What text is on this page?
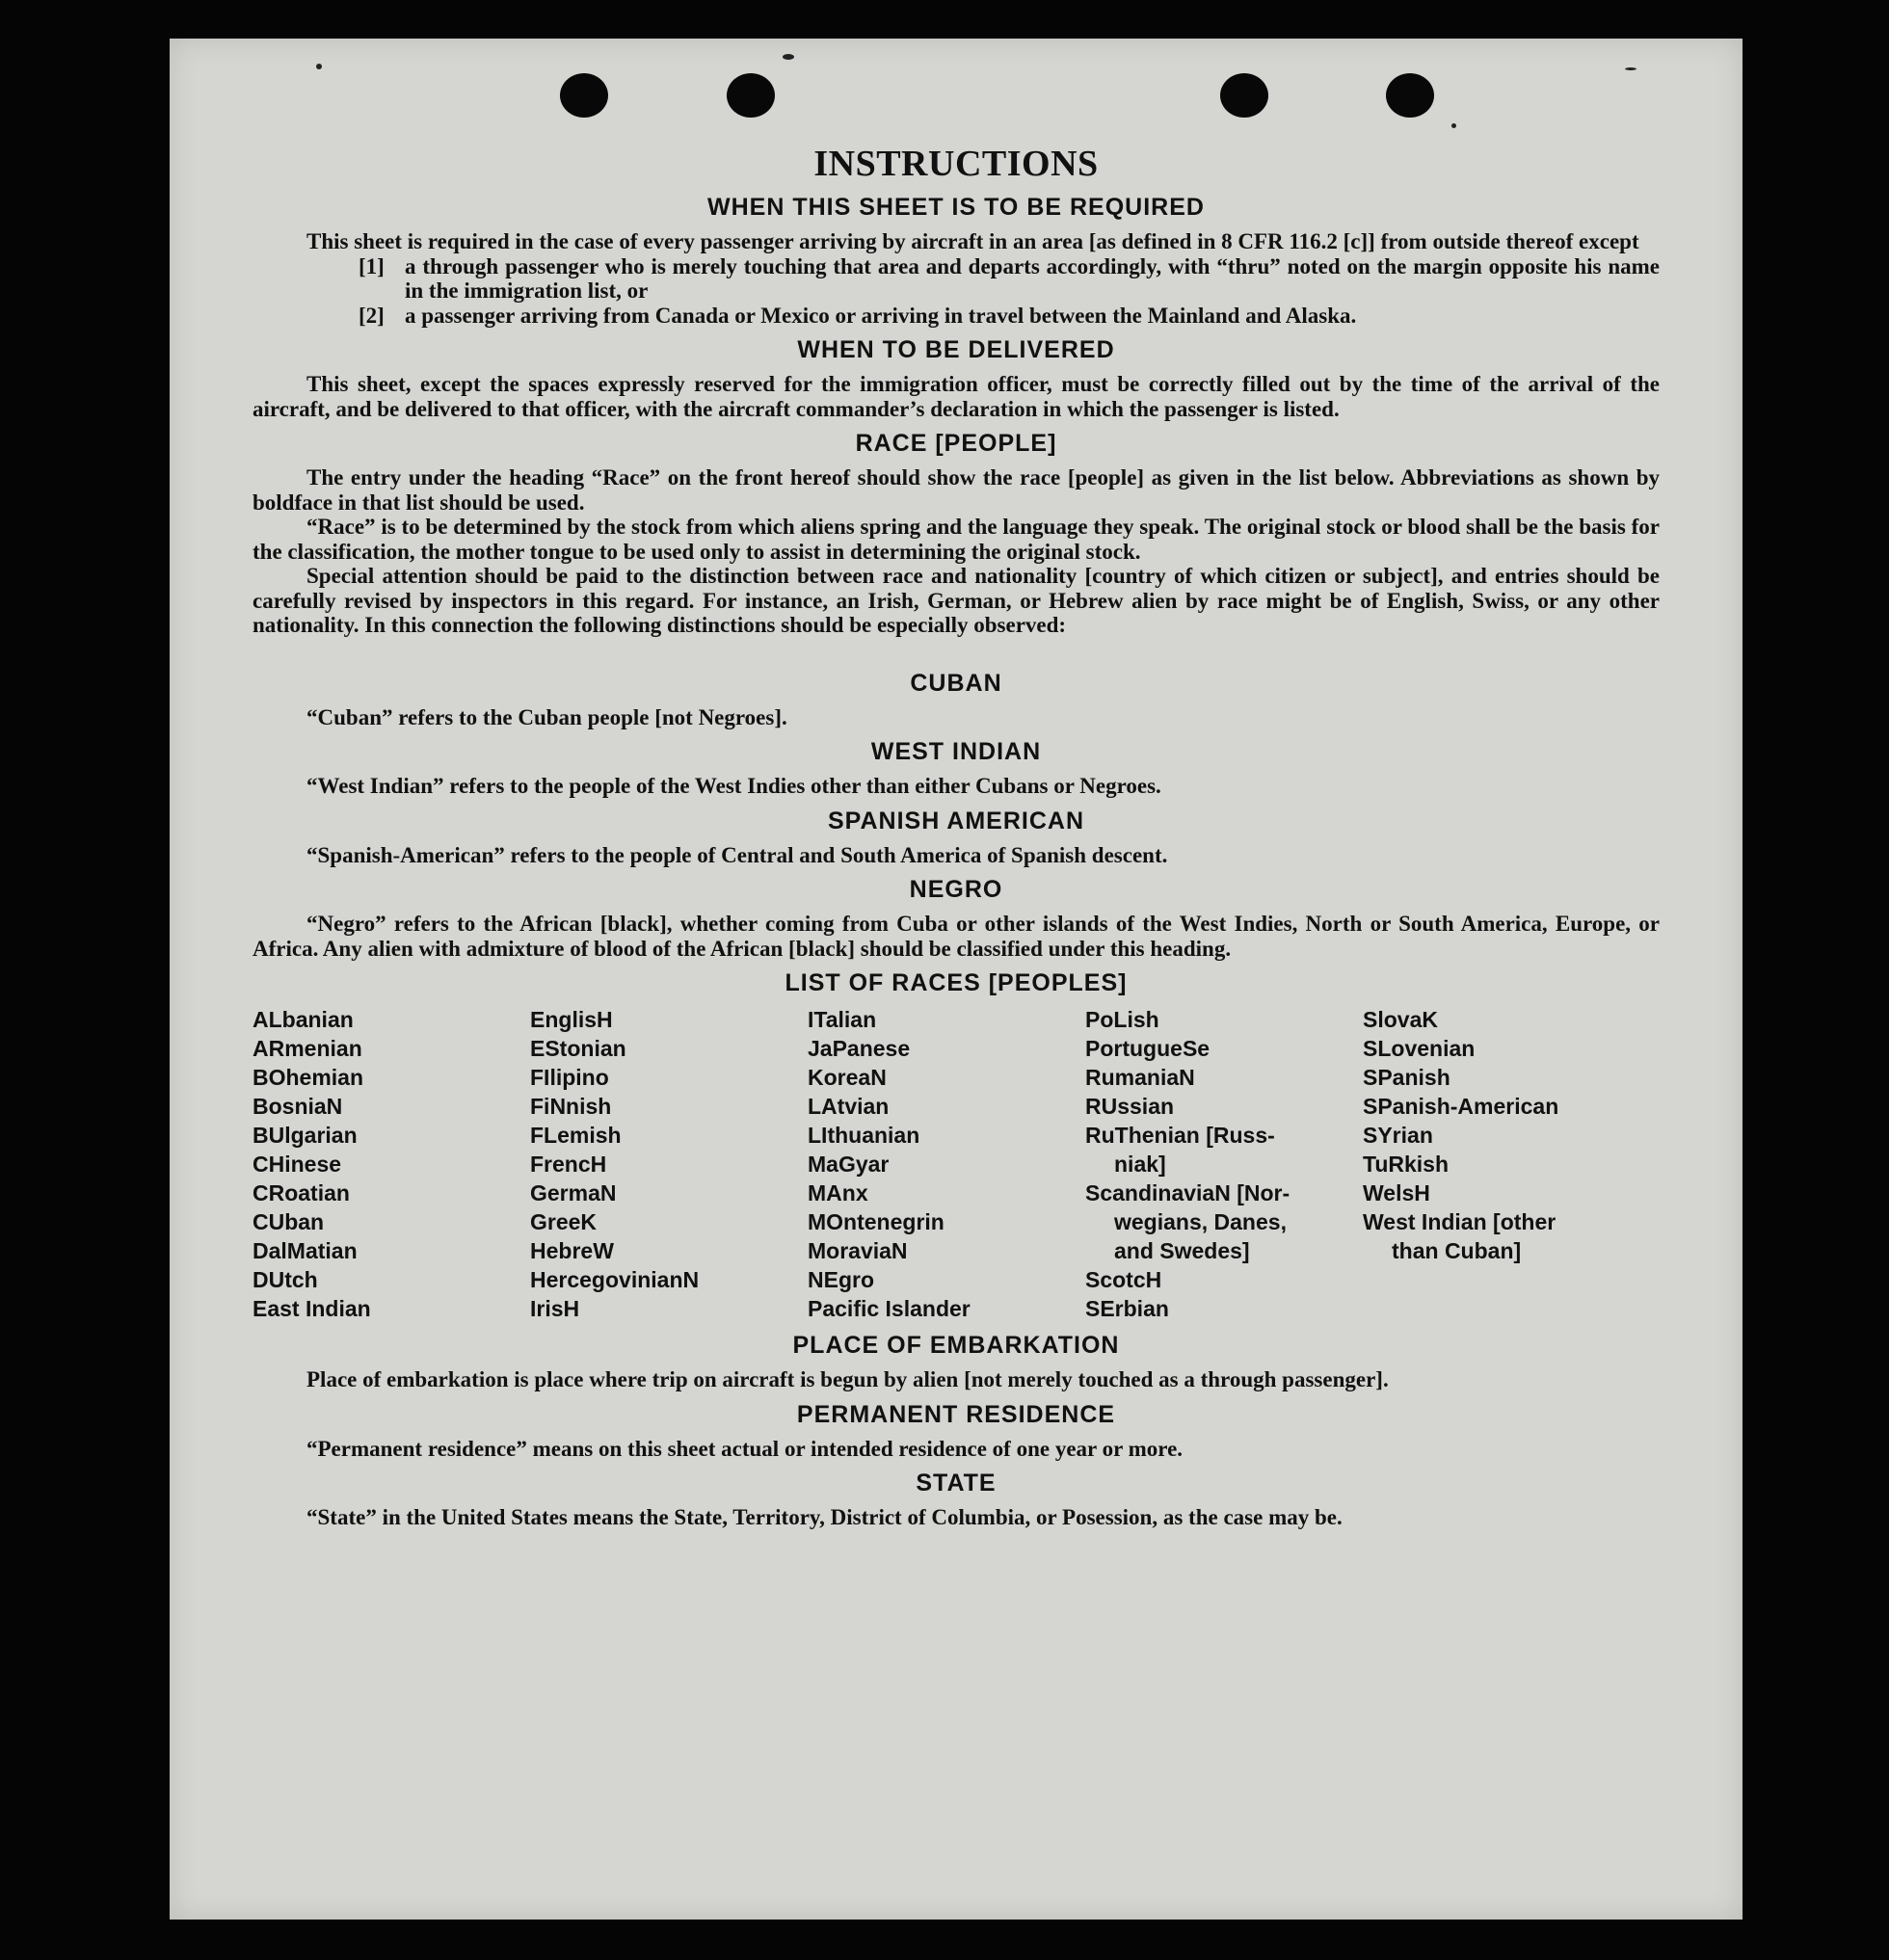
INSTRUCTIONS
WHEN THIS SHEET IS TO BE REQUIRED

This sheet is required in the case of every passenger arriving by aircraft in an area [as defined in 8 CFR 116.2 [c]] from outside thereof except

[1] a through passenger who is merely touching that area and departs accordingly, with “thru” noted on the margin opposite his name in the immigration list, or
[2] a passenger arriving from Canada or Mexico or arriving in travel between the Mainland and Alaska.
WHEN TO BE DELIVERED

This sheet, except the spaces expressly reserved for the immigration officer, must be correctly filled out by the time of the arrival of the aircraft, and be delivered to that officer, with the aircraft commander’s declaration in which the passenger is listed.

RACE [PEOPLE]

The entry under the heading “Race” on the front hereof should show the race [people] as given in the list below. Abbreviations as shown by boldface in that list should be used.

“Race” is to be determined by the stock from which aliens spring and the language they speak. The original stock or blood shall be the basis for the classification, the mother tongue to be used only to assist in determining the original stock.

Special attention should be paid to the distinction between race and nationality [country of which citizen or subject], and entries should be carefully revised by inspectors in this regard. For instance, an Irish, German, or Hebrew alien by race might be of English, Swiss, or any other nationality. In this connection the following distinctions should be especially observed:

CUBAN

“Cuban” refers to the Cuban people [not Negroes].

WEST INDIAN

“West Indian” refers to the people of the West Indies other than either Cubans or Negroes.

SPANISH AMERICAN

“Spanish-American” refers to the people of Central and South America of Spanish descent.

NEGRO

“Negro” refers to the African [black], whether coming from Cuba or other islands of the West Indies, North or South America, Europe, or Africa. Any alien with admixture of blood of the African [black] should be classified under this heading.

LIST OF RACES [PEOPLES]
ALbanian
ARmenian
BOhemian
BosniaN
BUlgarian
CHinese
CRoatian
CUban
DalMatian
DUtch
East Indian
EnglisH
EStonian
FIlipino
FiNnish
FLemish
FrencH
GermaN
GreeK
HebreW
HercegovinianN
IrisH
ITalian
JaPanese
KoreaN
LAtvian
LIthuanian
MaGyar
MAnx
MOntenegrin
MoraviaN
NEgro
Pacific Islander
PoLish
PortugueSe
RumaniaN
RUssian
RuThenian [Russ-
niak]
ScandinaviaN [Nor-
wegians, Danes,
and Swedes]
ScotcH
SErbian
SlovaK
SLovenian
SPanish
SPanish-American
SYrian
TuRkish
WelsH
West Indian [other
than Cuban]
PLACE OF EMBARKATION

Place of embarkation is place where trip on aircraft is begun by alien [not merely touched as a through passenger].

PERMANENT RESIDENCE

“Permanent residence” means on this sheet actual or intended residence of one year or more.

STATE

“State” in the United States means the State, Territory, District of Columbia, or Posession, as the case may be.
